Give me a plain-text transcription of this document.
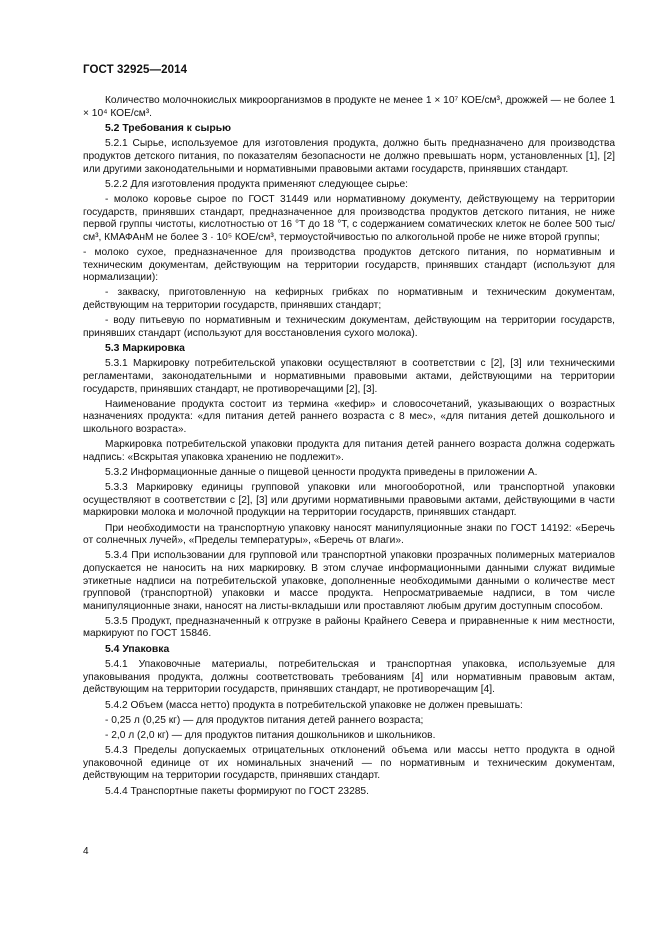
ГОСТ 32925—2014

Количество молочнокислых микроорганизмов в продукте не менее 1 × 10⁷ КОЕ/см³, дрожжей — не более 1 × 10⁴ КОЕ/см³.

5.2 Требования к сырью

5.2.1 Сырье, используемое для изготовления продукта, должно быть предназначено для производства продуктов детского питания, по показателям безопасности не должно превышать норм, установленных [1], [2] или другими законодательными и нормативными правовыми актами государств, принявших стандарт.

5.2.2 Для изготовления продукта применяют следующее сырье:

- молоко коровье сырое по ГОСТ 31449 или нормативному документу, действующему на территории государств, принявших стандарт, предназначенное для производства продуктов детского питания, не ниже первой группы чистоты, кислотностью от 16 °Т до 18 °Т, с содержанием соматических клеток не более 500 тыс/см³, КМАФАнМ не более 3 · 10⁵ КОЕ/см³, термоустойчивостью по алкогольной пробе не ниже второй группы;

- молоко сухое, предназначенное для производства продуктов детского питания, по нормативным и техническим документам, действующим на территории государств, принявших стандарт (используют для нормализации):

- закваску, приготовленную на кефирных грибках по нормативным и техническим документам, действующим на территории государств, принявших стандарт;

- воду питьевую по нормативным и техническим документам, действующим на территории государств, принявших стандарт (используют для восстановления сухого молока).

5.3 Маркировка

5.3.1 Маркировку потребительской упаковки осуществляют в соответствии с [2], [3] или техническими регламентами, законодательными и нормативными правовыми актами, действующими на территории государств, принявших стандарт, не противоречащими [2], [3].

Наименование продукта состоит из термина «кефир» и словосочетаний, указывающих о возрастных назначениях продукта: «для питания детей раннего возраста с 8 мес», «для питания детей дошкольного и школьного возраста».

Маркировка потребительской упаковки продукта для питания детей раннего возраста должна содержать надпись: «Вскрытая упаковка хранению не подлежит».

5.3.2 Информационные данные о пищевой ценности продукта приведены в приложении А.

5.3.3 Маркировку единицы групповой упаковки или многооборотной, или транспортной упаковки осуществляют в соответствии с [2], [3] или другими нормативными правовыми актами, действующими в части маркировки молока и молочной продукции на территории государств, принявших стандарт.

При необходимости на транспортную упаковку наносят манипуляционные знаки по ГОСТ 14192: «Беречь от солнечных лучей», «Пределы температуры», «Беречь от влаги».

5.3.4 При использовании для групповой или транспортной упаковки прозрачных полимерных материалов допускается не наносить на них маркировку. В этом случае информационными данными служат видимые этикетные надписи на потребительской упаковке, дополненные необходимыми данными о количестве мест групповой (транспортной) упаковки и массе продукта. Непросматриваемые надписи, в том числе манипуляционные знаки, наносят на листы-вкладыши или проставляют любым другим доступным способом.

5.3.5 Продукт, предназначенный к отгрузке в районы Крайнего Севера и приравненные к ним местности, маркируют по ГОСТ 15846.

5.4 Упаковка

5.4.1 Упаковочные материалы, потребительская и транспортная упаковка, используемые для упаковывания продукта, должны соответствовать требованиям [4] или нормативным правовым актам, действующим на территории государств, принявших стандарт, не противоречащим [4].

5.4.2 Объем (масса нетто) продукта в потребительской упаковке не должен превышать:

- 0,25 л (0,25 кг) — для продуктов питания детей раннего возраста;

- 2,0 л (2,0 кг) — для продуктов питания дошкольников и школьников.

5.4.3 Пределы допускаемых отрицательных отклонений объема или массы нетто продукта в одной упаковочной единице от их номинальных значений — по нормативным и техническим документам, действующим на территории государств, принявших стандарт.

5.4.4 Транспортные пакеты формируют по ГОСТ 23285.

4
